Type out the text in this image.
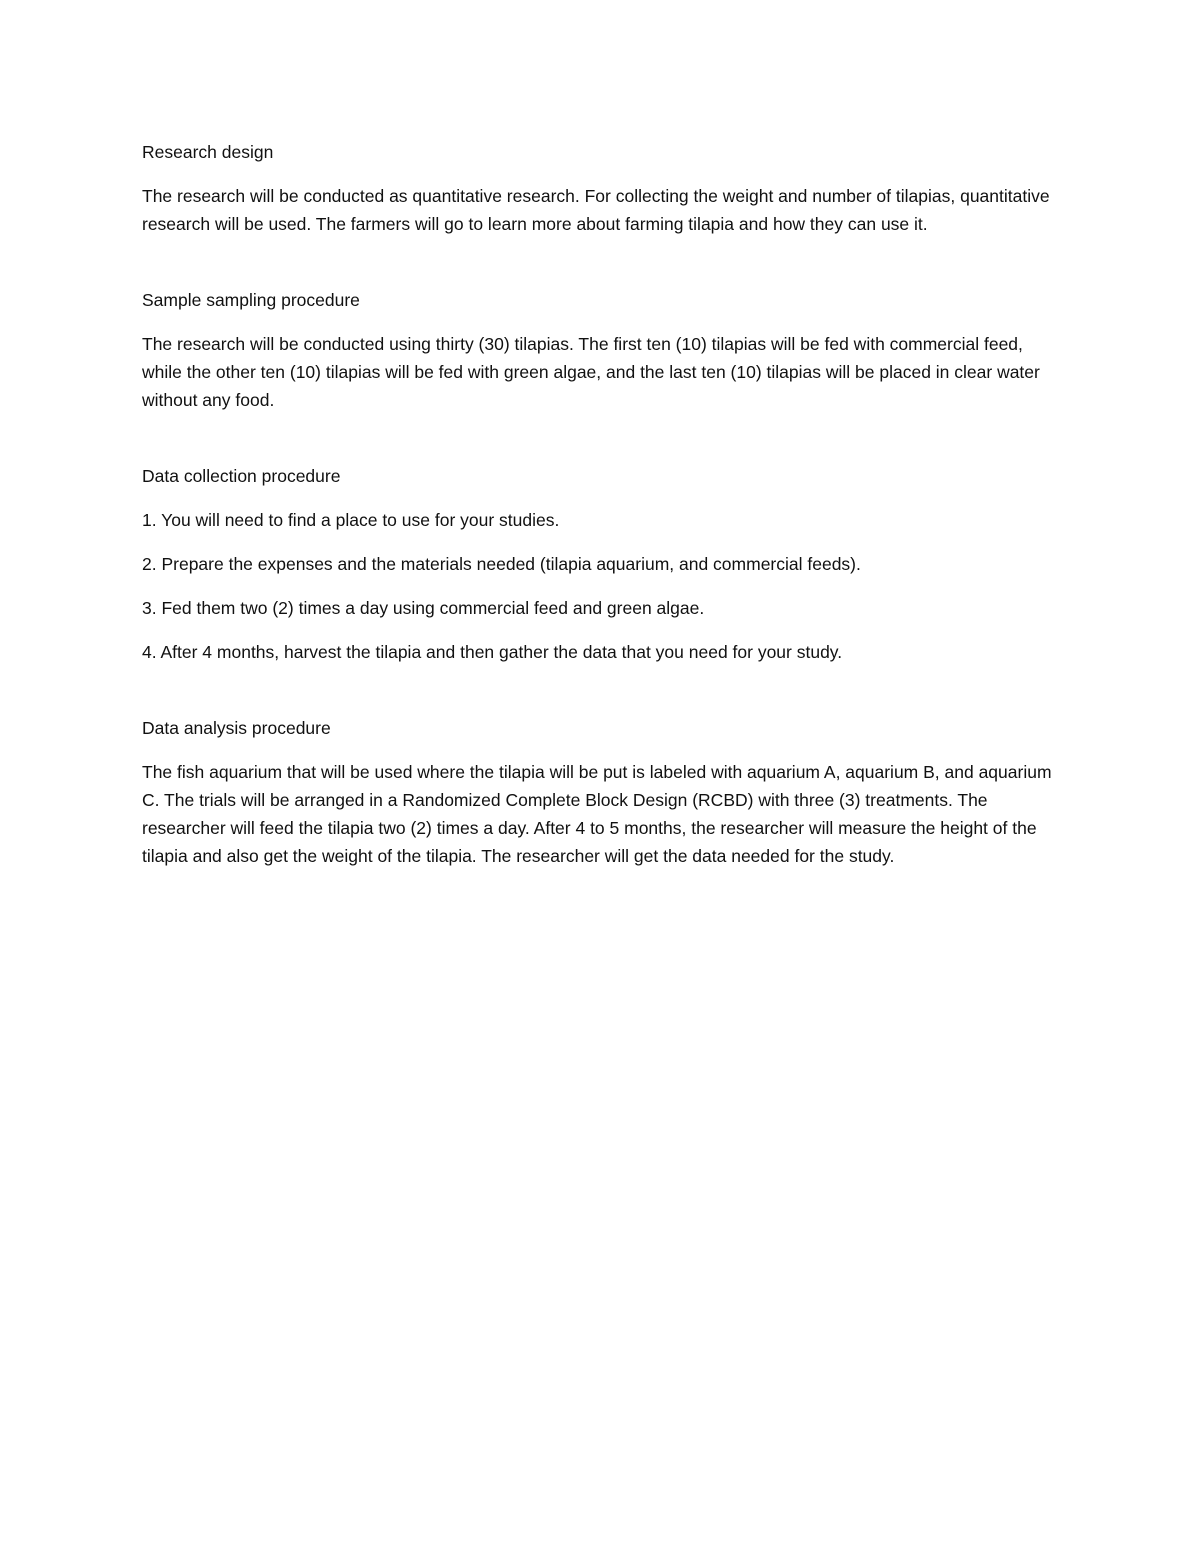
Research design

The research will be conducted as quantitative research. For collecting the weight and number of tilapias, quantitative research will be used. The farmers will go to learn more about farming tilapia and how they can use it.

Sample sampling procedure

The research will be conducted using thirty (30) tilapias. The first ten (10) tilapias will be fed with commercial feed, while the other ten (10) tilapias will be fed with green algae, and the last ten (10) tilapias will be placed in clear water without any food.

Data collection procedure

1. You will need to find a place to use for your studies.
2. Prepare the expenses and the materials needed (tilapia aquarium, and commercial feeds).
3. Fed them two (2) times a day using commercial feed and green algae.
4. After 4 months, harvest the tilapia and then gather the data that you need for your study.

Data analysis procedure

The fish aquarium that will be used where the tilapia will be put is labeled with aquarium A, aquarium B, and aquarium C. The trials will be arranged in a Randomized Complete Block Design (RCBD) with three (3) treatments. The researcher will feed the tilapia two (2) times a day. After 4 to 5 months, the researcher will measure the height of the tilapia and also get the weight of the tilapia. The researcher will get the data needed for the study.
